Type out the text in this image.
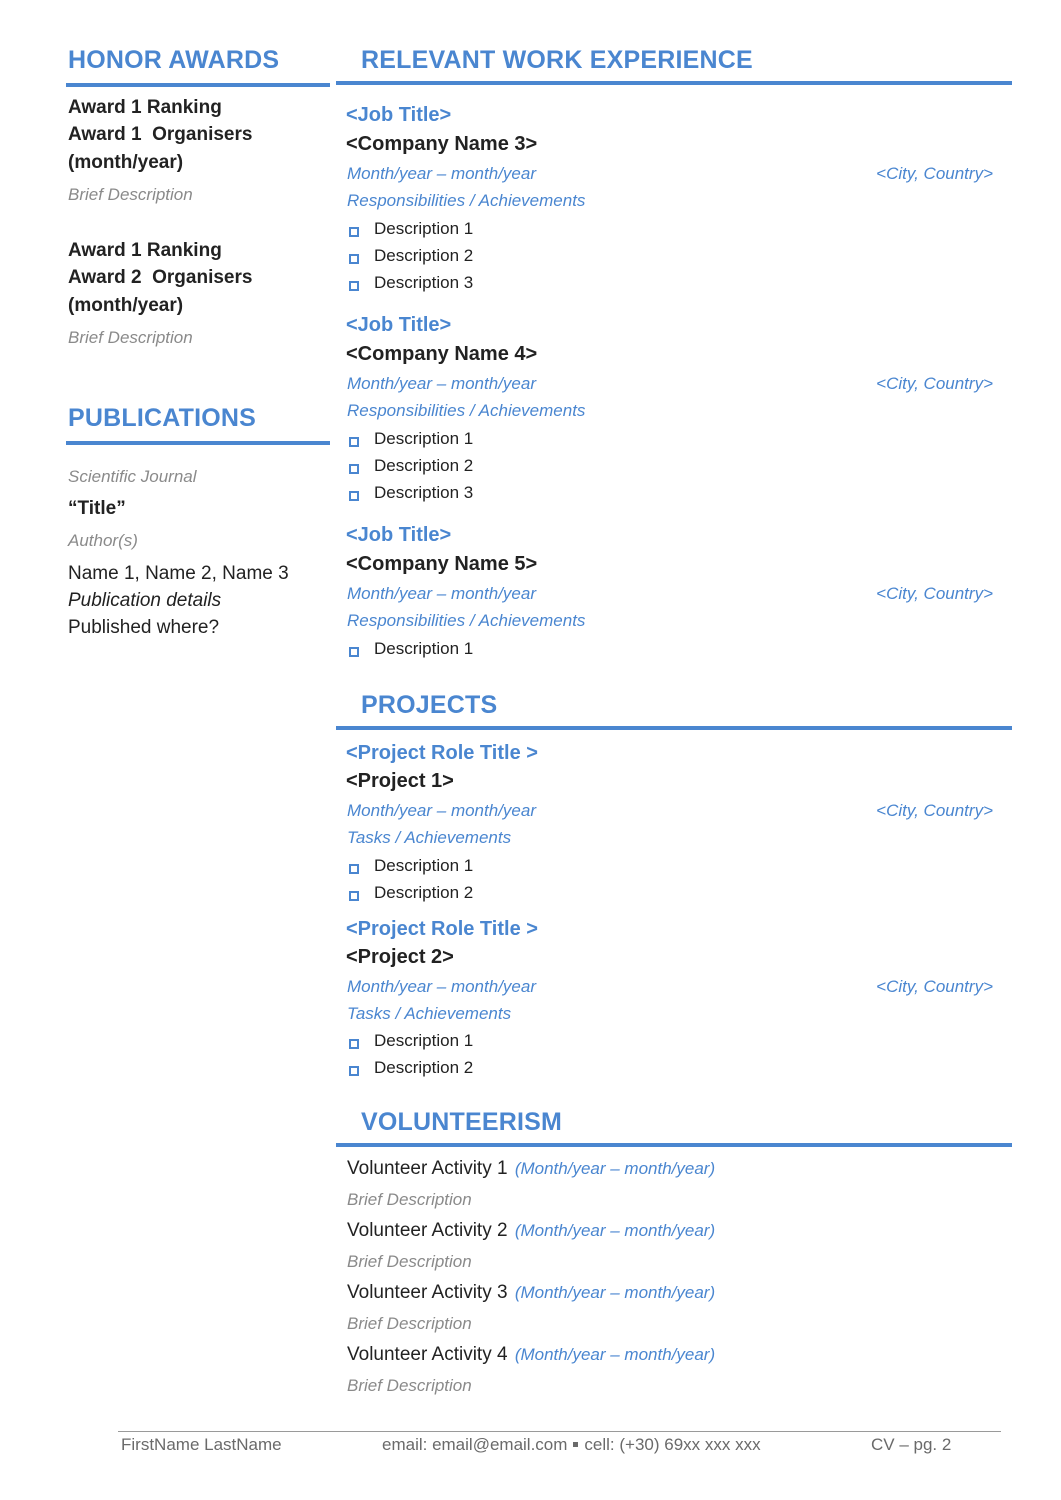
HONOR AWARDS
Award 1 Ranking
Award 1  Organisers
(month/year)
Brief Description
Award 1 Ranking
Award 2  Organisers
(month/year)
Brief Description
PUBLICATIONS
Scientific Journal
“Title”
Author(s)
Name 1, Name 2, Name 3
Publication details
Published where?
RELEVANT WORK EXPERIENCE
<Job Title>
<Company Name 3>
Month/year – month/year	<City, Country>
Responsibilities / Achievements
Description 1
Description 2
Description 3
<Job Title>
<Company Name 4>
Month/year – month/year	<City, Country>
Responsibilities / Achievements
Description 1
Description 2
Description 3
<Job Title>
<Company Name 5>
Month/year – month/year	<City, Country>
Responsibilities / Achievements
Description 1
PROJECTS
<Project Role Title >
<Project 1>
Month/year – month/year	<City, Country>
Tasks / Achievements
Description 1
Description 2
<Project Role Title >
<Project 2>
Month/year – month/year	<City, Country>
Tasks / Achievements
Description 1
Description 2
VOLUNTEERISM
Volunteer Activity 1 (Month/year – month/year)
Brief Description
Volunteer Activity 2 (Month/year – month/year)
Brief Description
Volunteer Activity 3 (Month/year – month/year)
Brief Description
Volunteer Activity 4 (Month/year – month/year)
Brief Description
FirstName LastName	email: email@email.com cell: (+30) 69xx xxx xxx	CV – pg. 2
